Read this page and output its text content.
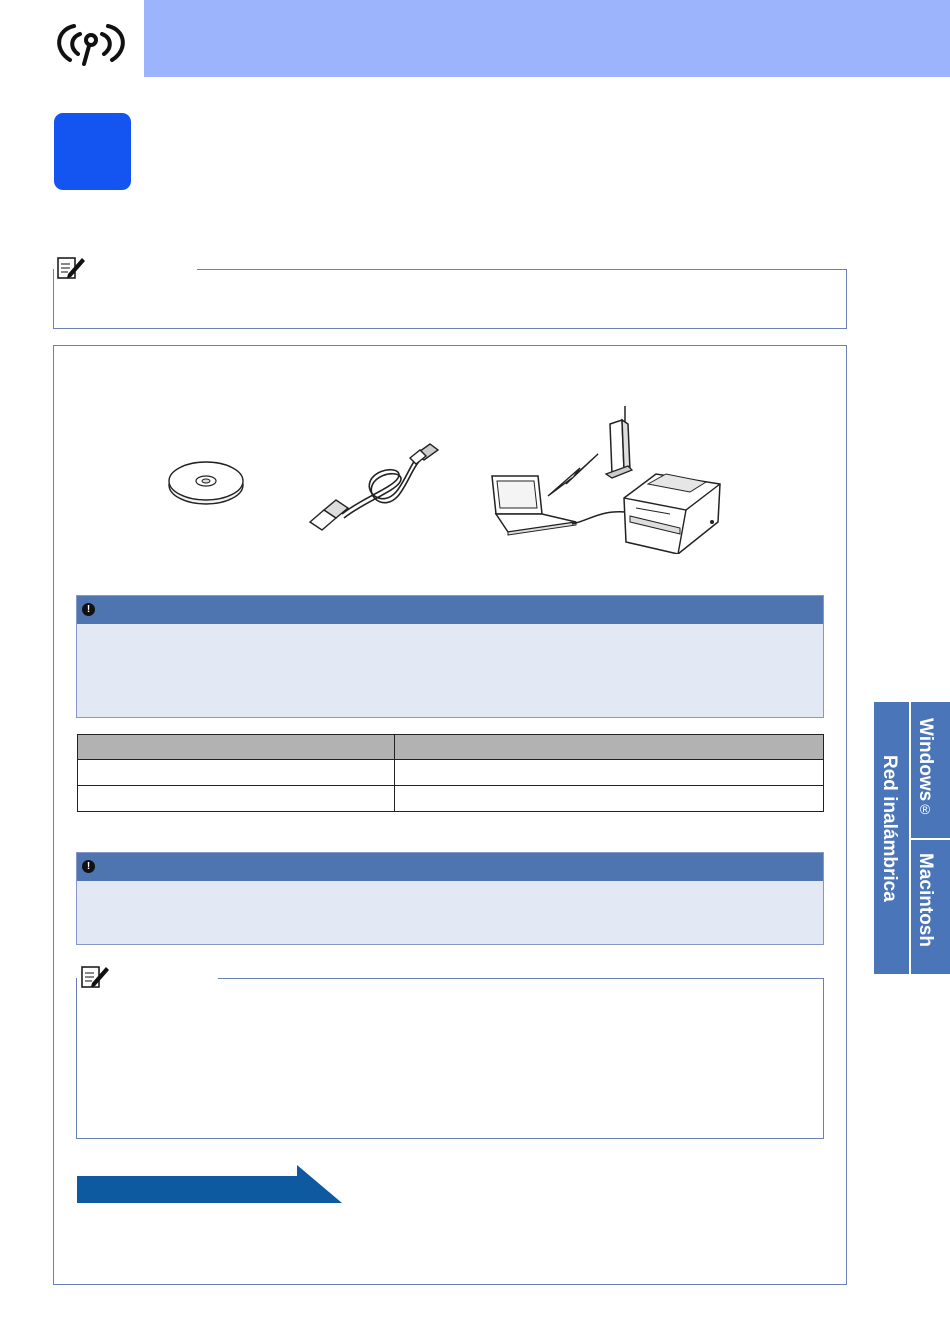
!

!
Windows®
Macintosh
Red inalámbrica
